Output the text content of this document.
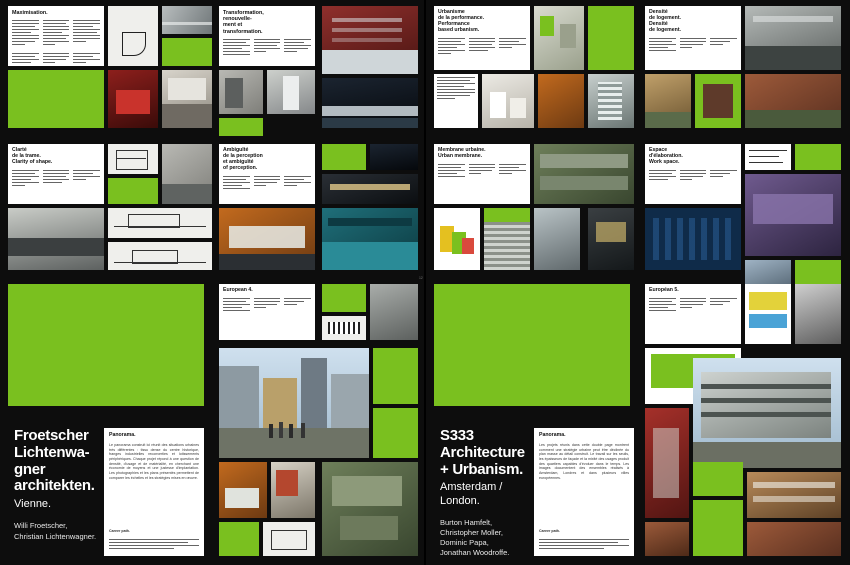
Maximisation.	Transformation,
renouvelle-
ment et
transformation.
Clarté
de la trame.
Clarity of shape.
Ambiguïté
de la perception
et ambiguïté
of perception.
Froetscher
Lichtenwa-
gner
architekten.
Vienne.
Willi Froetscher,
Christian Lichtenwagner.
Panorama.
Le panorama construit ici réunit des situations urbaines très différentes : tissu dense du centre historique, franges industrielles reconverties et lotissements périphériques. Chaque projet répond à une question de densité, d'usage et de matérialité, en cherchant une économie de moyens et une justesse d'implantation. Les photographies et les plans présentés permettent de comparer les échelles et les stratégies mises en œuvre.
Career path.
European 4.
12
Urbanisme
de la performance.
Performance
based urbanism.
Densité
de logement.
Densité
de logement.
Membrane urbaine.
Urban membrane.
Espace
d'élaboration.
Work space.
S333
Architecture
+ Urbanism.
Amsterdam /
London.
Burton Hamfelt,
Christopher Moller,
Dominic Papa,
Jonathan Woodroffe.
Panorama.
Les projets réunis dans cette double page montrent comment une stratégie urbaine peut être déclinée du plan masse au détail construit. Le travail sur les seuils, les épaisseurs de façade et la mixité des usages produit des quartiers capables d'évoluer dans le temps. Les images documentent des ensembles réalisés à Amsterdam, Londres et dans plusieurs villes européennes.
Career path.
Européan 5.
